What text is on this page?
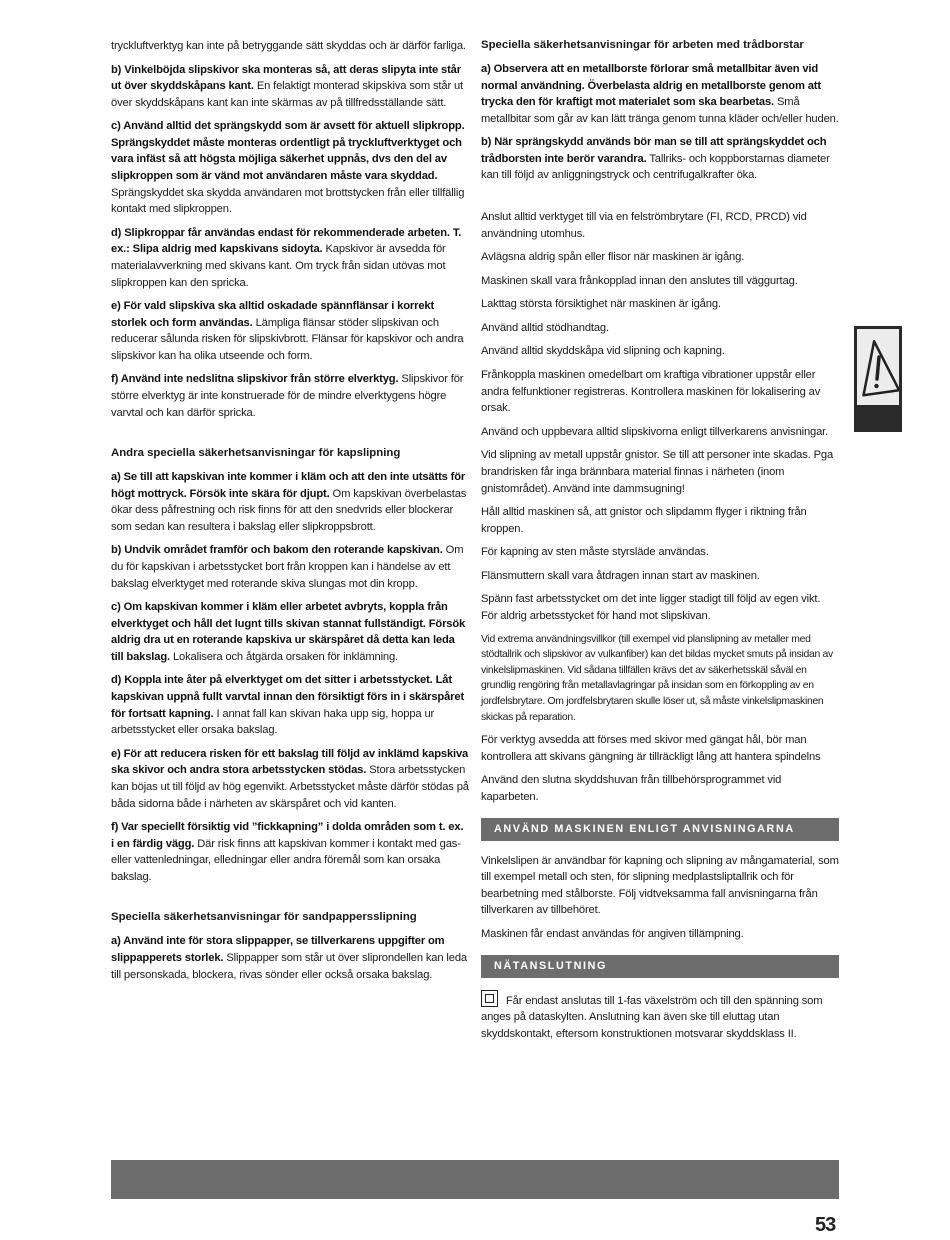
tryckluftverktyg kan inte på betryggande sätt skyddas och är därför farliga.

b) Vinkelböjda slipskivor ska monteras så, att deras slipyta inte står ut över skyddskåpans kant. En felaktigt monterad skipskiva som står ut över skyddskåpans kant kan inte skärmas av på tillfredsställande sätt.

c) Använd alltid det sprängskydd som är avsett för aktuell slipkropp. Sprängskyddet måste monteras ordentligt på tryckluftverktyget och vara infäst så att högsta möjliga säkerhet uppnås, dvs den del av slipkroppen som är vänd mot användaren måste vara skyddad. Sprängskyddet ska skydda användaren mot brottstycken från eller tillfällig kontakt med slipkroppen.

d) Slipkroppar får användas endast för rekommenderade arbeten. T. ex.: Slipa aldrig med kapskivans sidoyta. Kapskivor är avsedda för materialavverkning med skivans kant. Om tryck från sidan utövas mot slipkroppen kan den spricka.

e) För vald slipskiva ska alltid oskadade spännflänsar i korrekt storlek och form användas. Lämpliga flänsar stöder slipskivan och reducerar sålunda risken för slipskivbrott. Flänsar för kapskivor och andra slipskivor kan ha olika utseende och form.

f) Använd inte nedslitna slipskivor från större elverktyg. Slipskivor för större elverktyg är inte konstruerade för de mindre elverktygens högre varvtal och kan därför spricka.

Andra speciella säkerhetsanvisningar för kapslipning

a) Se till att kapskivan inte kommer i kläm och att den inte utsätts för högt mottryck. Försök inte skära för djupt. Om kapskivan överbelastas ökar dess påfrestning och risk finns för att den snedvrids eller blockerar som sedan kan resultera i bakslag eller slipkroppsbrott.

b) Undvik området framför och bakom den roterande kapskivan. Om du för kapskivan i arbetsstycket bort från kroppen kan i händelse av ett bakslag elverktyget med roterande skiva slungas mot din kropp.

c) Om kapskivan kommer i kläm eller arbetet avbryts, koppla från elverktyget och håll det lugnt tills skivan stannat fullständigt. Försök aldrig dra ut en roterande kapskiva ur skärspåret då detta kan leda till bakslag. Lokalisera och åtgärda orsaken för inklämning.

d) Koppla inte åter på elverktyget om det sitter i arbetsstycket. Låt kapskivan uppnå fullt varvtal innan den försiktigt förs in i skärspåret för fortsatt kapning. I annat fall kan skivan haka upp sig, hoppa ur arbetsstycket eller orsaka bakslag.

e) För att reducera risken för ett bakslag till följd av inklämd kapskiva ska skivor och andra stora arbetsstycken stödas. Stora arbetsstycken kan böjas ut till följd av hög egenvikt. Arbetsstycket måste därför stödas på båda sidorna både i närheten av skärspåret och vid kanten.

f) Var speciellt försiktig vid ”fickkapning” i dolda områden som t. ex. i en färdig vägg. Där risk finns att kapskivan kommer i kontakt med gas- eller vattenledningar, elledningar eller andra föremål som kan orsaka bakslag.

Speciella säkerhetsanvisningar för sandpappersslipning

a) Använd inte för stora slippapper, se tillverkarens uppgifter om slippapperets storlek. Slippapper som står ut över sliprondellen kan leda till personskada, blockera, rivas sönder eller också orsaka bakslag.

Speciella säkerhetsanvisningar för arbeten med trådborstar

a) Observera att en metallborste förlorar små metallbitar även vid normal användning. Överbelasta aldrig en metallborste genom att trycka den för kraftigt mot materialet som ska bearbetas. Små metallbitar som går av kan lätt tränga genom tunna kläder och/eller huden.

b) När sprängskydd används bör man se till att sprängskyddet och trådborsten inte berör varandra. Tallriks- och koppborstarnas diameter kan till följd av anliggningstryck och centrifugalkrafter öka.

Anslut alltid verktyget till via en felströmbrytare (FI, RCD, PRCD) vid användning utomhus.

Avlägsna aldrig spån eller flisor när maskinen är igång.

Maskinen skall vara frånkopplad innan den anslutes till väggurtag.

Lakttag största försiktighet när maskinen är igång.

Använd alltid stödhandtag.

Använd alltid skyddskåpa vid slipning och kapning.

Frånkoppla maskinen omedelbart om kraftiga vibrationer uppstår eller andra felfunktioner registreras. Kontrollera maskinen för lokalisering av orsak.

Använd och uppbevara alltid slipskivorna enligt tillverkarens anvisningar.

Vid slipning av metall uppstår gnistor. Se till att personer inte skadas. Pga brandrisken får inga brännbara material finnas i närheten (inom gnistområdet). Använd inte dammsugning!

Håll alltid maskinen så, att gnistor och slipdamm flyger i riktning från kroppen.

För kapning av sten måste styrsläde användas.

Flänsmuttern skall vara åtdragen innan start av maskinen.

Spänn fast arbetsstycket om det inte ligger stadigt till följd av egen vikt. För aldrig arbetsstycket för hand mot slipskivan.

Vid extrema användningsvillkor (till exempel vid planslipning av metaller med stödtallrik och slipskivor av vulkanfiber) kan det bildas mycket smuts på insidan av vinkelslipmaskinen. Vid sådana tillfällen krävs det av säkerhetsskäl såväl en grundlig rengöring från metallavlagringar på insidan som en förkoppling av en jordfelsbrytare. Om jordfelsbrytaren skulle löser ut, så måste vinkelslipmaskinen skickas på reparation.

För verktyg avsedda att förses med skivor med gängat hål, bör man kontrollera att skivans gängning är tillräckligt lång att hantera spindelns

Använd den slutna skyddshuvan från tillbehörsprogrammet vid kaparbeten.

ANVÄND MASKINEN ENLIGT ANVISNINGARNA

Vinkelslipen är användbar för kapning och slipning av mångamaterial, som till exempel metall och sten, för slipning medplastsliptallrik och för bearbetning med stålborste. Följ vidtveksamma fall anvisningarna från tillverkaren av tillbehöret.

Maskinen får endast användas för angiven tillämpning.

NÄTANSLUTNING

Får endast anslutas till 1-fas växelström och till den spänning som anges på dataskylten. Anslutning kan även ske till eluttag utan skyddskontakt, eftersom konstruktionen motsvarar skyddsklass II.

53
